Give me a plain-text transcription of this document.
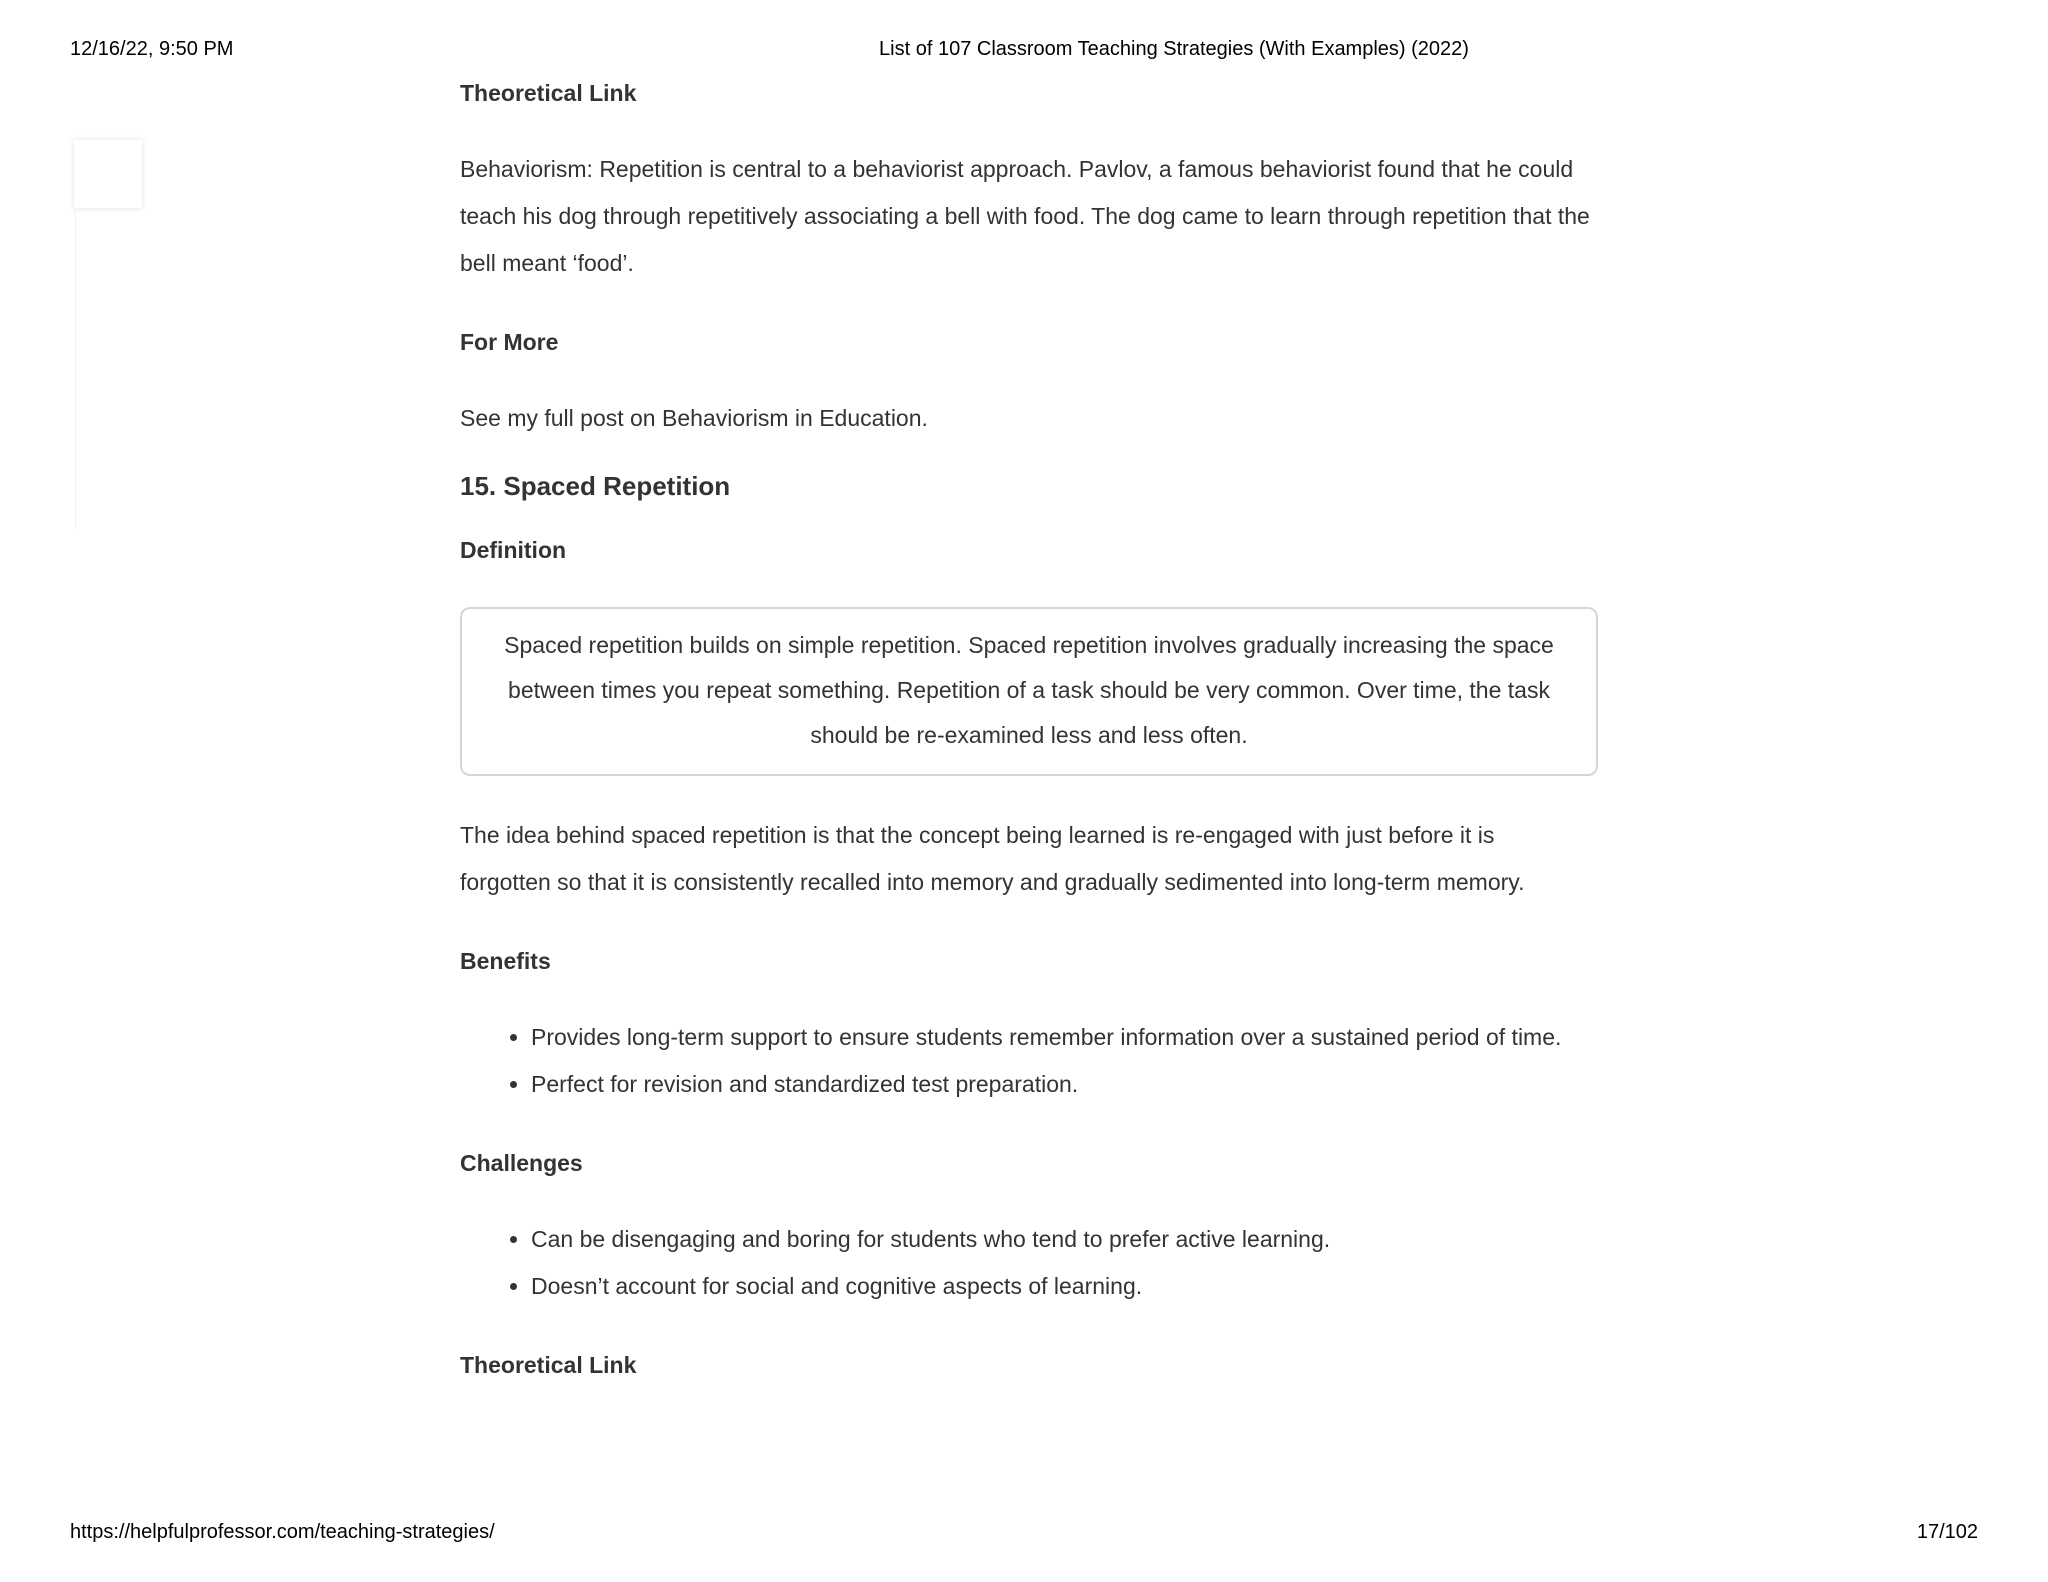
12/16/22, 9:50 PM	List of 107 Classroom Teaching Strategies (With Examples) (2022)

Theoretical Link

Behaviorism: Repetition is central to a behaviorist approach. Pavlov, a famous behaviorist found that he could teach his dog through repetitively associating a bell with food. The dog came to learn through repetition that the bell meant ‘food’.

For More

See my full post on Behaviorism in Education.

15. Spaced Repetition

Definition

Spaced repetition builds on simple repetition. Spaced repetition involves gradually increasing the space between times you repeat something. Repetition of a task should be very common. Over time, the task should be re-examined less and less often.

The idea behind spaced repetition is that the concept being learned is re-engaged with just before it is forgotten so that it is consistently recalled into memory and gradually sedimented into long-term memory.

Benefits

• Provides long-term support to ensure students remember information over a sustained period of time.
• Perfect for revision and standardized test preparation.

Challenges

• Can be disengaging and boring for students who tend to prefer active learning.
• Doesn’t account for social and cognitive aspects of learning.

Theoretical Link

https://helpfulprofessor.com/teaching-strategies/	17/102
